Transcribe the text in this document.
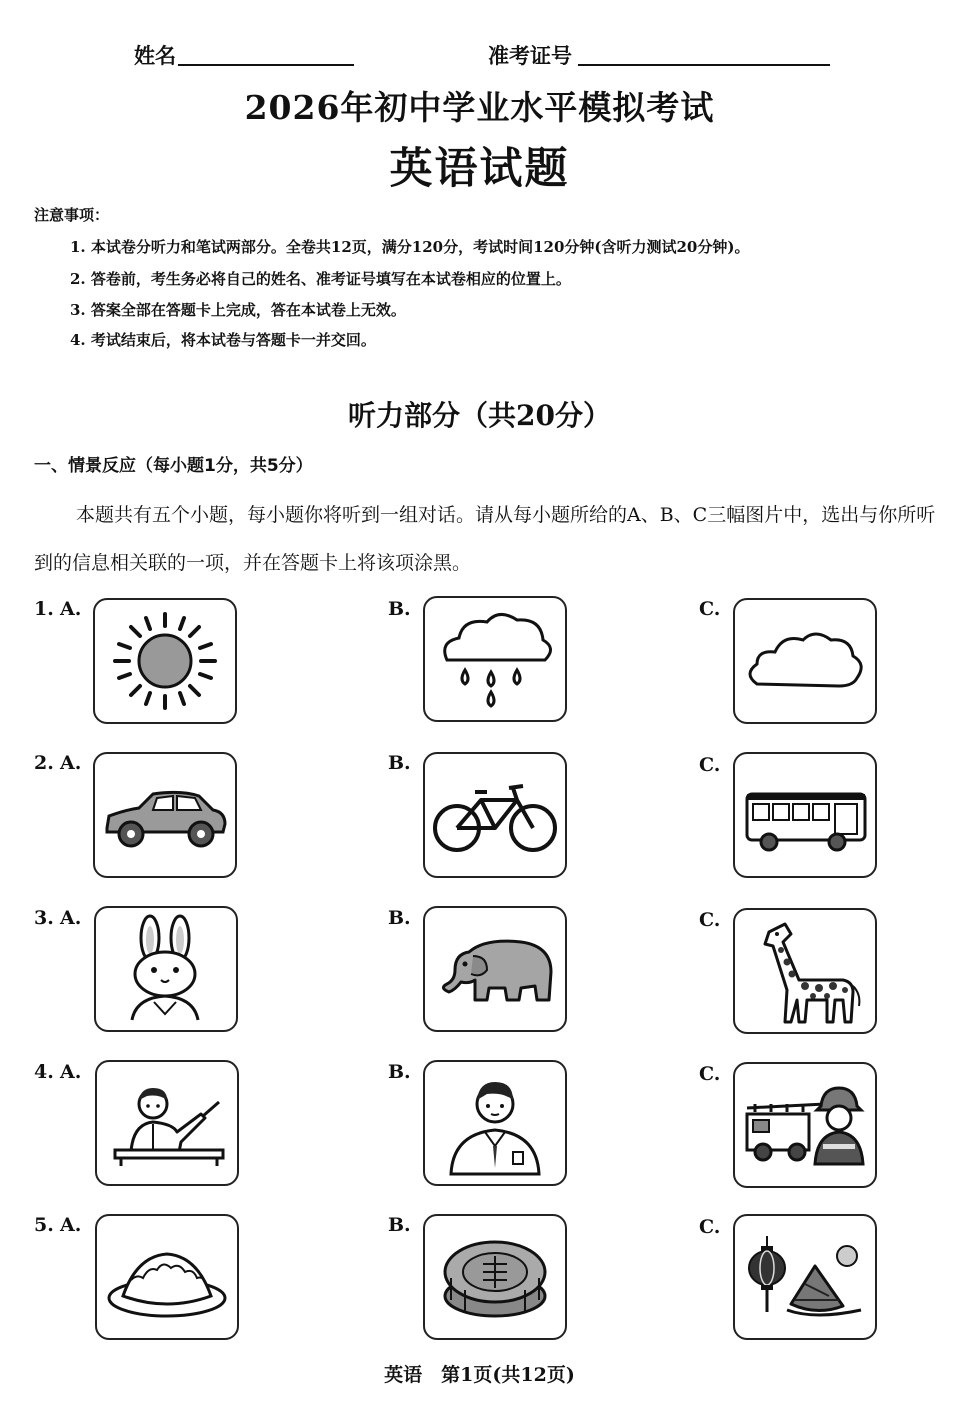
姓名	准考证号
2026年初中学业水平模拟考试
英语试题
注意事项：
1. 本试卷分听力和笔试两部分。全卷共12页，满分120分，考试时间120分钟(含听力测试20分钟)。
2. 答卷前，考生务必将自己的姓名、准考证号填写在本试卷相应的位置上。
3. 答案全部在答题卡上完成，答在本试卷上无效。
4. 考试结束后，将本试卷与答题卡一并交回。
听力部分（共20分）
一、情景反应（每小题1分，共5分）
本题共有五个小题，每小题你将听到一组对话。请从每小题所给的A、B、C三幅图片中，选出与你所听到的信息相关联的一项，并在答题卡上将该项涂黑。
1. A.	B.	C.
2. A.	B.	C.
3. A.	B.	C.
4. A.	B.	C.
5. A.	B.	C.
英语　第1页(共12页)
